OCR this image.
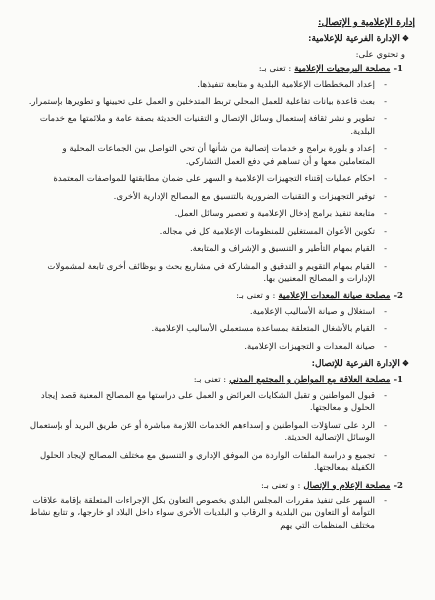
إدارة الإعلامية و الإتصال:
❖الإدارة الفرعية للإعلامية:
و تحتوي على:
1- مصلحة البرمجيات الإعلامية : تعنى بـ:
-
إعداد المخططات الإعلامية البلدية و متابعة تنفيذها.
-
بعث قاعدة بيانات تفاعلية للعمل المحلي تربط المتدخلين و العمل على تحيينها و تطويرها بإستمرار.
-
تطوير و نشر ثقافة إستعمال وسائل الإتصال و التقنيات الحديثة بصفة عامة و ملائمتها مع خدمات البلدية.
-
إعداد و بلورة برامج و خدمات إتصالية من شأنها أن تحي التواصل بين الجماعات المحلية و المتعاملين معها و أن تساهم في دفع العمل التشاركي.
-
احكام عمليات إقتناء التجهيزات الإعلامية و السهر على ضمان مطابقتها للمواصفات المعتمدة
-
توفير التجهيزات و التقنيات الضرورية بالتنسيق مع المصالح الإدارية الأخرى.
-
متابعة تنفيذ برامج إدخال الإعلامية و تعصير وسائل العمل.
-
تكوين الأعوان المستغلين للمنظومات الإعلامية كل في مجاله.
-
القيام بمهام التأطير و التنسيق و الإشراف و المتابعة.
-
القيام بمهام التقويم و التدقيق و المشاركة في مشاريع بحث و بوظائف أخرى تابعة لمشمولات الإدارات و المصالح المعنيين بها.
2- مصلحة صيانة المعدات الإعلامية : و تعنى بـ:
-
استغلال و صيانة الأساليب الإعلامية.
-
القيام بالأشغال المتعلقة بمساعدة مستعملي الأساليب الإعلامية.
-
صيانة المعدات و التجهيزات الإعلامية.
❖الإدارة الفرعية للإتصال:
1- مصلحة العلاقة مع المواطن و المجتمع المدني : تعنى بـ:
-
قبول المواطنين و تقبل الشكايات العرائض و العمل على دراستها مع المصالح المعنية قصد إيجاد الحلول و معالجتها.
-
الرد على تساؤلات المواطنين و إسداءهم الخدمات اللازمة مباشرة أو عن طريق البريد أو بإستعمال الوسائل الإتصالية الحديثة.
-
تجميع و دراسة الملفات الواردة من الموفق الإداري و التنسيق مع مختلف المصالح لإيجاد الحلول الكفيلة بمعالجتها.
2- مصلحة الإعلام و الإتصال : و تعنى بـ:
-
السهر على تنفيذ مقررات المجلس البلدي بخصوص التعاون بكل الإجراءات المتعلقة بإقامة علاقات التوأمة أو التعاون بين البلدية و الرقاب و البلديات الأخرى سواء داخل البلاد او خارجها، و تتابع نشاط مختلف المنظمات التي يهم
